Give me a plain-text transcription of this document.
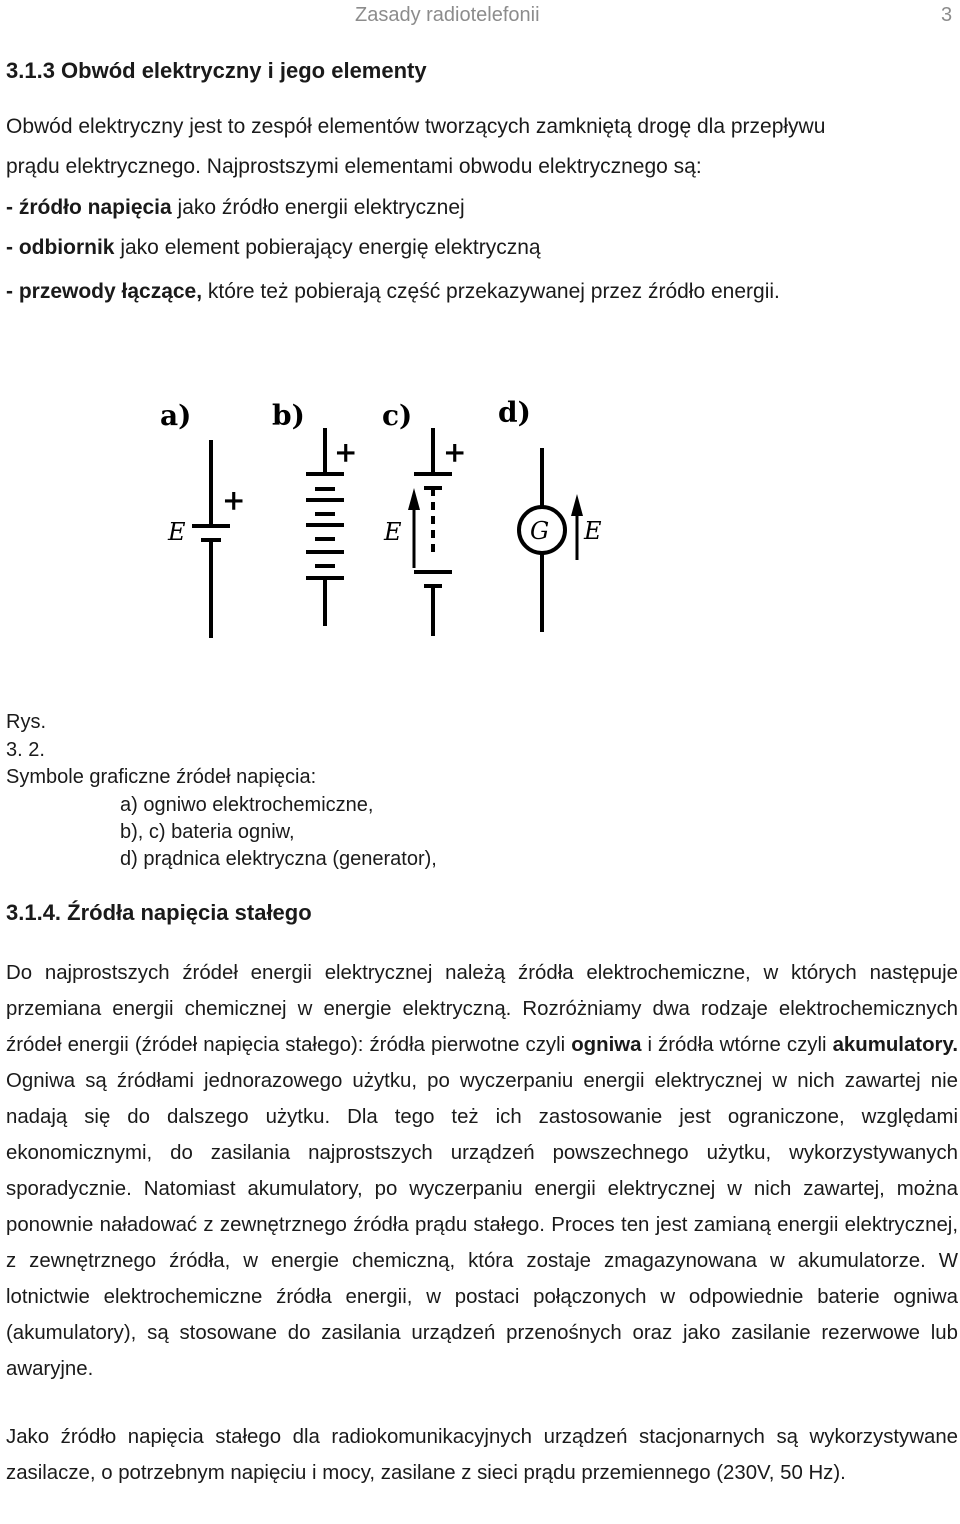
Zasady radiotelefonii	3
3.1.3 Obwód elektryczny i jego elementy
Obwód elektryczny jest to zespół elementów tworzących zamkniętą drogę dla przepływu
prądu elektrycznego. Najprostszymi elementami obwodu elektrycznego są:
- źródło napięcia jako źródło energii elektrycznej
- odbiornik jako element pobierający energię elektryczną
- przewody łączące, które też pobierają część przekazywanej przez źródło energii.
a)	b)	c)	d)
+
E
+	+
E	G E
Rys.
3. 2.
Symbole graficzne źródeł napięcia:
a) ogniwo elektrochemiczne,
b), c) bateria ogniw,
d) prądnica elektryczna (generator),
3.1.4. Źródła napięcia stałego
Do najprostszych źródeł energii elektrycznej należą źródła elektrochemiczne, w których następuje przemiana energii chemicznej w energie elektryczną. Rozróżniamy dwa rodzaje elektrochemicznych źródeł energii (źródeł napięcia stałego): źródła pierwotne czyli ogniwa i źródła wtórne czyli akumulatory. Ogniwa są źródłami jednorazowego użytku, po wyczerpaniu energii elektrycznej w nich zawartej nie nadają się do dalszego użytku. Dla tego też ich zastosowanie jest ograniczone, względami ekonomicznymi, do zasilania najprostszych urządzeń powszechnego użytku, wykorzystywanych sporadycznie. Natomiast akumulatory, po wyczerpaniu energii elektrycznej w nich zawartej, można ponownie naładować z zewnętrznego źródła prądu stałego. Proces ten jest zamianą energii elektrycznej, z zewnętrznego źródła, w energie chemiczną, która zostaje zmagazynowana w akumulatorze. W lotnictwie elektrochemiczne źródła energii, w postaci połączonych w odpowiednie baterie ogniwa (akumulatory), są stosowane do zasilania urządzeń przenośnych oraz jako zasilanie rezerwowe lub awaryjne.
Jako źródło napięcia stałego dla radiokomunikacyjnych urządzeń stacjonarnych są wykorzystywane zasilacze, o potrzebnym napięciu i mocy, zasilane z sieci prądu przemiennego (230V, 50 Hz).
